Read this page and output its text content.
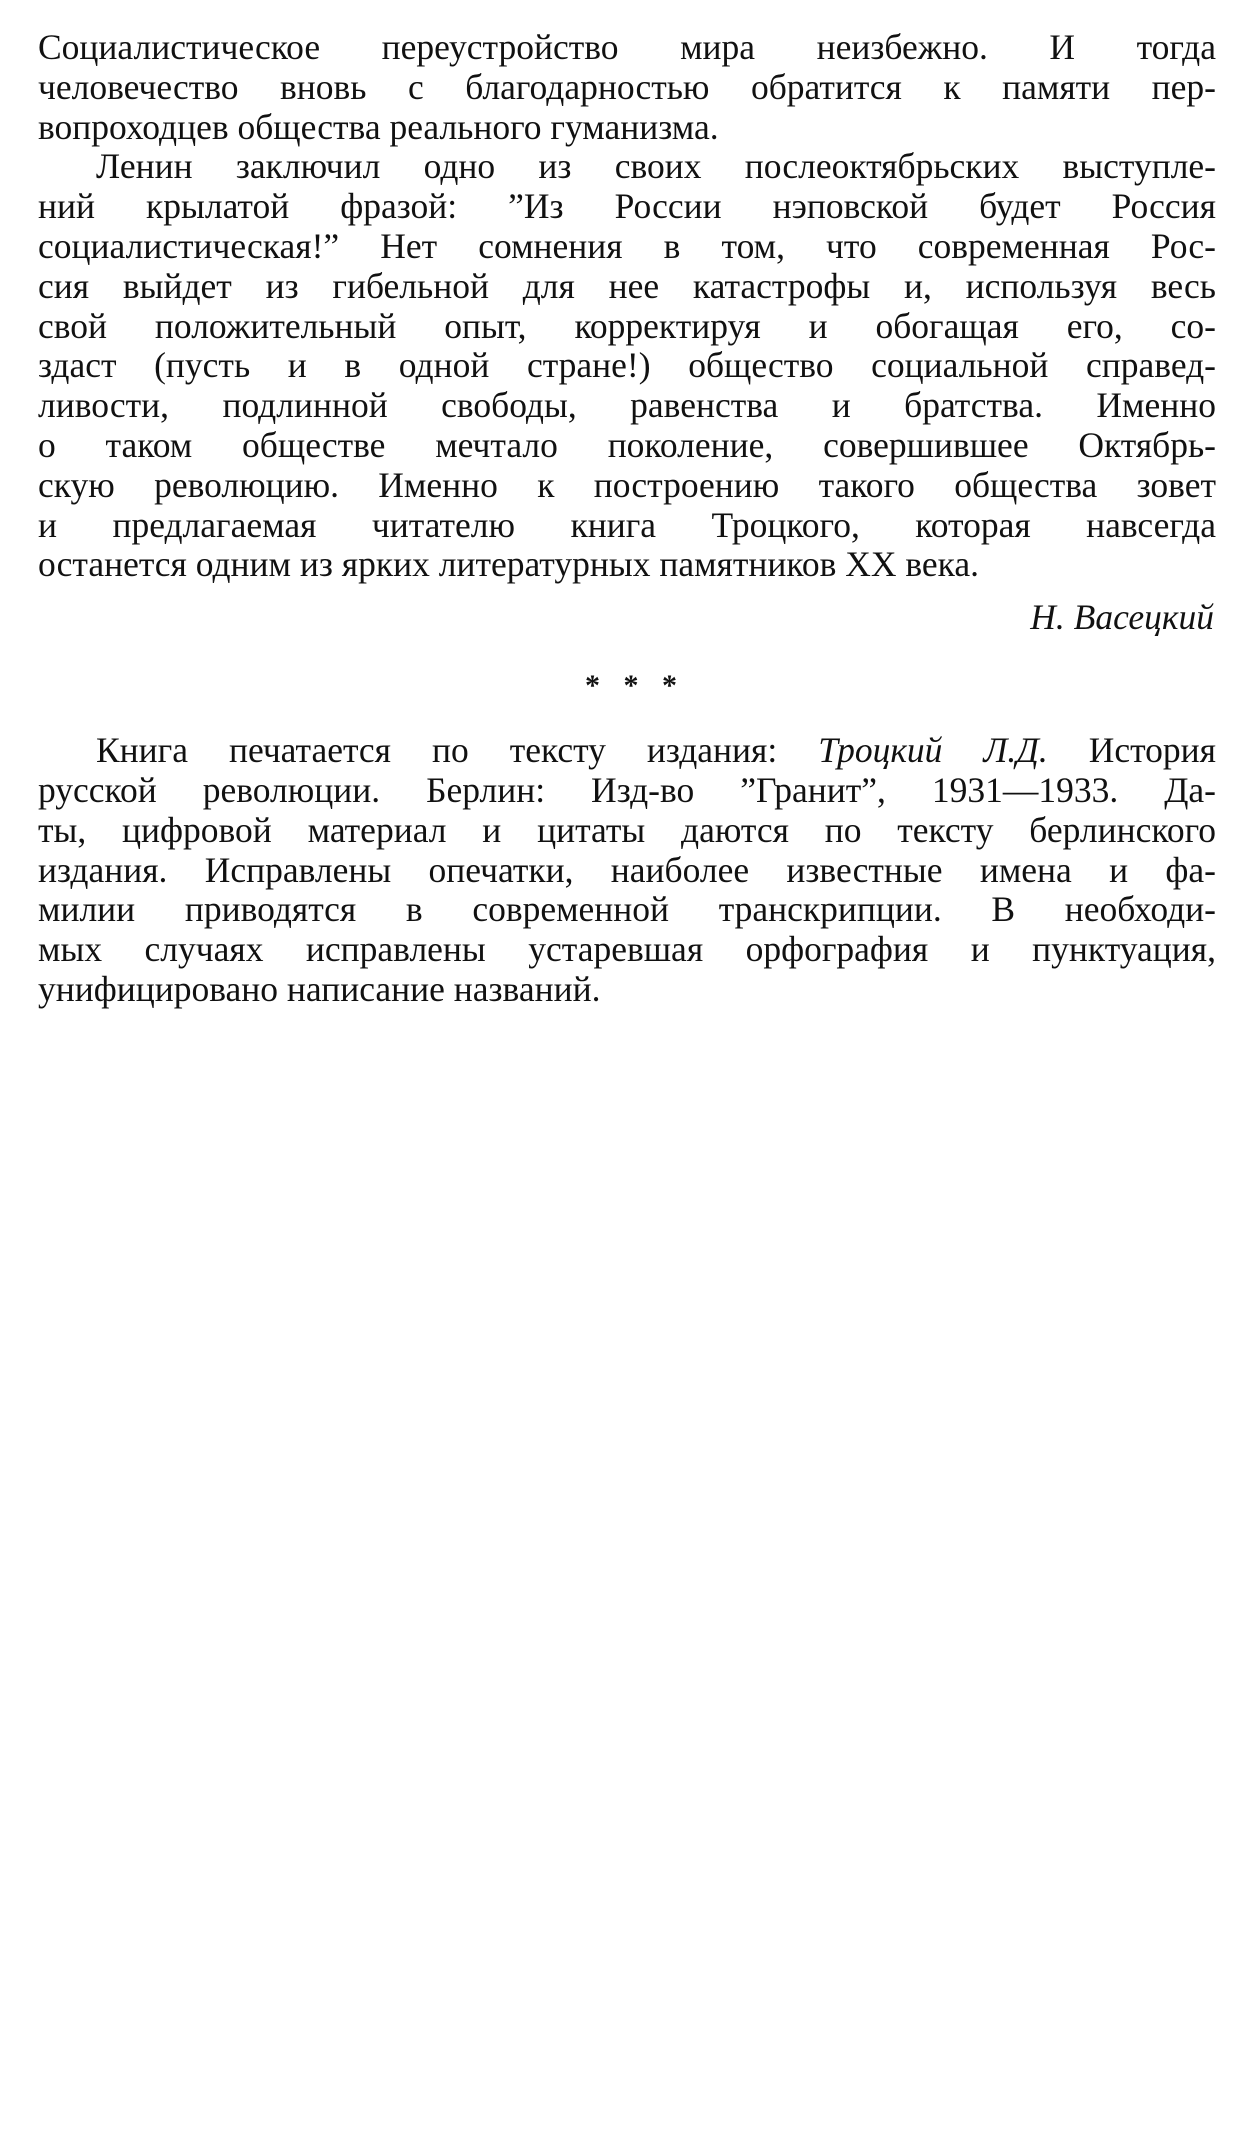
Социалистическое переустройство мира неизбежно. И тогда
человечество вновь с благодарностью обратится к памяти пер-
вопроходцев общества реального гуманизма.
Ленин заключил одно из своих послеоктябрьских выступле-
ний крылатой фразой: ”Из России нэповской будет Россия
социалистическая!” Нет сомнения в том, что современная Рос-
сия выйдет из гибельной для нее катастрофы и, используя весь
свой положительный опыт, корректируя и обогащая его, со-
здаст (пусть и в одной стране!) общество социальной справед-
ливости, подлинной свободы, равенства и братства. Именно
о таком обществе мечтало поколение, совершившее Октябрь-
скую революцию. Именно к построению такого общества зовет
и предлагаемая читателю книга Троцкого, которая навсегда
останется одним из ярких литературных памятников XX века.
Н. Васецкий
* * *
Книга печатается по тексту издания: Троцкий Л.Д. История
русской революции. Берлин: Изд-во ”Гранит”, 1931—1933. Да-
ты, цифровой материал и цитаты даются по тексту берлинского
издания. Исправлены опечатки, наиболее известные имена и фа-
милии приводятся в современной транскрипции. В необходи-
мых случаях исправлены устаревшая орфография и пунктуация,
унифицировано написание названий.
